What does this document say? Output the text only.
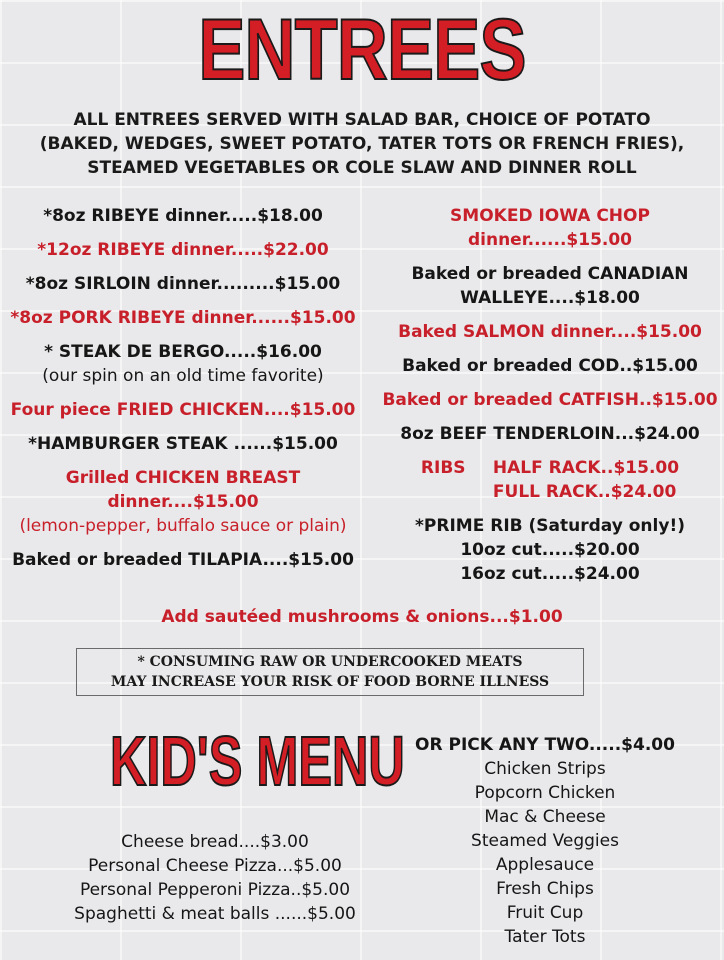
ENTREES
ALL ENTREES SERVED WITH SALAD BAR, CHOICE OF POTATO
(BAKED, WEDGES, SWEET POTATO, TATER TOTS OR FRENCH FRIES),
STEAMED VEGETABLES OR COLE SLAW AND DINNER ROLL
*8oz RIBEYE dinner.....$18.00
*12oz RIBEYE dinner.....$22.00
*8oz SIRLOIN dinner.........$15.00
*8oz PORK RIBEYE dinner......$15.00
* STEAK DE BERGO.....$16.00
(our spin on an old time favorite)
Four piece FRIED CHICKEN....$15.00
*HAMBURGER STEAK ......$15.00
Grilled CHICKEN BREAST
dinner....$15.00
(lemon-pepper, buffalo sauce or plain)
Baked or breaded TILAPIA....$15.00
SMOKED IOWA CHOP
dinner......$15.00
Baked or breaded CANADIAN
WALLEYE....$18.00
Baked SALMON dinner....$15.00
Baked or breaded COD..$15.00
Baked or breaded CATFISH..$15.00
8oz BEEF TENDERLOIN...$24.00
RIBS	HALF RACK..$15.00
FULL RACK..$24.00
*PRIME RIB (Saturday only!)
10oz cut.....$20.00
16oz cut.....$24.00
Add sautéed mushrooms & onions...$1.00
* CONSUMING RAW OR UNDERCOOKED MEATS
MAY INCREASE YOUR RISK OF FOOD BORNE ILLNESS
KID'S MENU
Cheese bread....$3.00
Personal Cheese Pizza...$5.00
Personal Pepperoni Pizza..$5.00
Spaghetti & meat balls ......$5.00
OR PICK ANY TWO.....$4.00
Chicken Strips
Popcorn Chicken
Mac & Cheese
Steamed Veggies
Applesauce
Fresh Chips
Fruit Cup
Tater Tots
